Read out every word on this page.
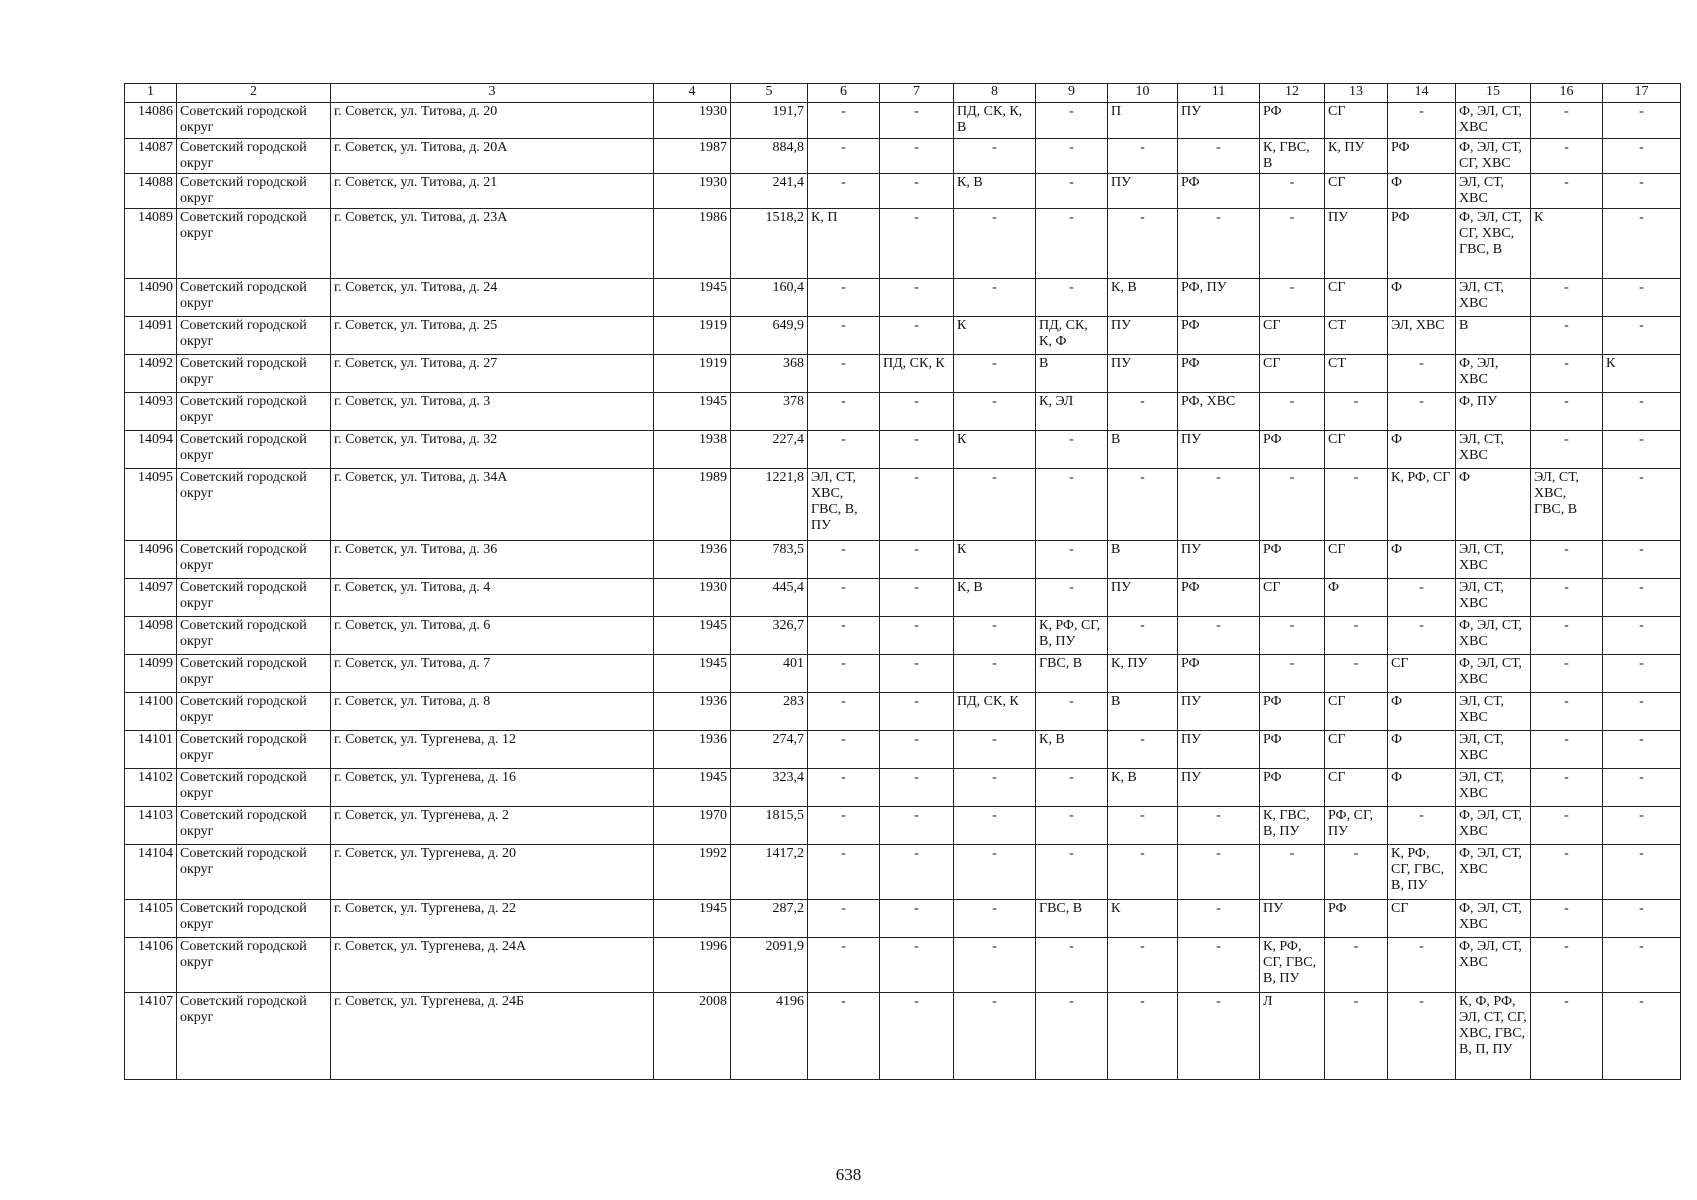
1	2	3	4	5	6	7	8	9	10	11	12	13	14	15	16	17
14086	Советский городской округ	г. Советск, ул. Титова, д. 20	1930	191,7	-	-	ПД, СК, К, В	-	П	ПУ	РФ	СГ	-	Ф, ЭЛ, СТ, ХВС	-	-
14087	Советский городской округ	г. Советск, ул. Титова, д. 20А	1987	884,8	-	-	-	-	-	-	К, ГВС, В	К, ПУ	РФ	Ф, ЭЛ, СТ, СГ, ХВС	-	-
14088	Советский городской округ	г. Советск, ул. Титова, д. 21	1930	241,4	-	-	К, В	-	ПУ	РФ	-	СГ	Ф	ЭЛ, СТ, ХВС	-	-
14089	Советский городской округ	г. Советск, ул. Титова, д. 23А	1986	1518,2	К, П	-	-	-	-	-	-	ПУ	РФ	Ф, ЭЛ, СТ, СГ, ХВС, ГВС, В	К	-
14090	Советский городской округ	г. Советск, ул. Титова, д. 24	1945	160,4	-	-	-	-	К, В	РФ, ПУ	-	СГ	Ф	ЭЛ, СТ, ХВС	-	-
14091	Советский городской округ	г. Советск, ул. Титова, д. 25	1919	649,9	-	-	К	ПД, СК, К, Ф	ПУ	РФ	СГ	СТ	ЭЛ, ХВС	В	-	-
14092	Советский городской округ	г. Советск, ул. Титова, д. 27	1919	368	-	ПД, СК, К	-	В	ПУ	РФ	СГ	СТ	-	Ф, ЭЛ, ХВС	-	К
14093	Советский городской округ	г. Советск, ул. Титова, д. 3	1945	378	-	-	-	К, ЭЛ	-	РФ, ХВС	-	-	-	Ф, ПУ	-	-
14094	Советский городской округ	г. Советск, ул. Титова, д. 32	1938	227,4	-	-	К	-	В	ПУ	РФ	СГ	Ф	ЭЛ, СТ, ХВС	-	-
14095	Советский городской округ	г. Советск, ул. Титова, д. 34А	1989	1221,8	ЭЛ, СТ, ХВС, ГВС, В, ПУ	-	-	-	-	-	-	-	К, РФ, СГ	Ф	ЭЛ, СТ, ХВС, ГВС, В	-
14096	Советский городской округ	г. Советск, ул. Титова, д. 36	1936	783,5	-	-	К	-	В	ПУ	РФ	СГ	Ф	ЭЛ, СТ, ХВС	-	-
14097	Советский городской округ	г. Советск, ул. Титова, д. 4	1930	445,4	-	-	К, В	-	ПУ	РФ	СГ	Ф	-	ЭЛ, СТ, ХВС	-	-
14098	Советский городской округ	г. Советск, ул. Титова, д. 6	1945	326,7	-	-	-	К, РФ, СГ, В, ПУ	-	-	-	-	-	Ф, ЭЛ, СТ, ХВС	-	-
14099	Советский городской округ	г. Советск, ул. Титова, д. 7	1945	401	-	-	-	ГВС, В	К, ПУ	РФ	-	-	СГ	Ф, ЭЛ, СТ, ХВС	-	-
14100	Советский городской округ	г. Советск, ул. Титова, д. 8	1936	283	-	-	ПД, СК, К	-	В	ПУ	РФ	СГ	Ф	ЭЛ, СТ, ХВС	-	-
14101	Советский городской округ	г. Советск, ул. Тургенева, д. 12	1936	274,7	-	-	-	К, В	-	ПУ	РФ	СГ	Ф	ЭЛ, СТ, ХВС	-	-
14102	Советский городской округ	г. Советск, ул. Тургенева, д. 16	1945	323,4	-	-	-	-	К, В	ПУ	РФ	СГ	Ф	ЭЛ, СТ, ХВС	-	-
14103	Советский городской округ	г. Советск, ул. Тургенева, д. 2	1970	1815,5	-	-	-	-	-	-	К, ГВС, В, ПУ	РФ, СГ, ПУ	-	Ф, ЭЛ, СТ, ХВС	-	-
14104	Советский городской округ	г. Советск, ул. Тургенева, д. 20	1992	1417,2	-	-	-	-	-	-	-	-	К, РФ, СГ, ГВС, В, ПУ	Ф, ЭЛ, СТ, ХВС	-	-
14105	Советский городской округ	г. Советск, ул. Тургенева, д. 22	1945	287,2	-	-	-	ГВС, В	К	-	ПУ	РФ	СГ	Ф, ЭЛ, СТ, ХВС	-	-
14106	Советский городской округ	г. Советск, ул. Тургенева, д. 24А	1996	2091,9	-	-	-	-	-	-	К, РФ, СГ, ГВС, В, ПУ	-	-	Ф, ЭЛ, СТ, ХВС	-	-
14107	Советский городской округ	г. Советск, ул. Тургенева, д. 24Б	2008	4196	-	-	-	-	-	-	Л	-	-	К, Ф, РФ, ЭЛ, СТ, СГ, ХВС, ГВС, В, П, ПУ	-	-
638
